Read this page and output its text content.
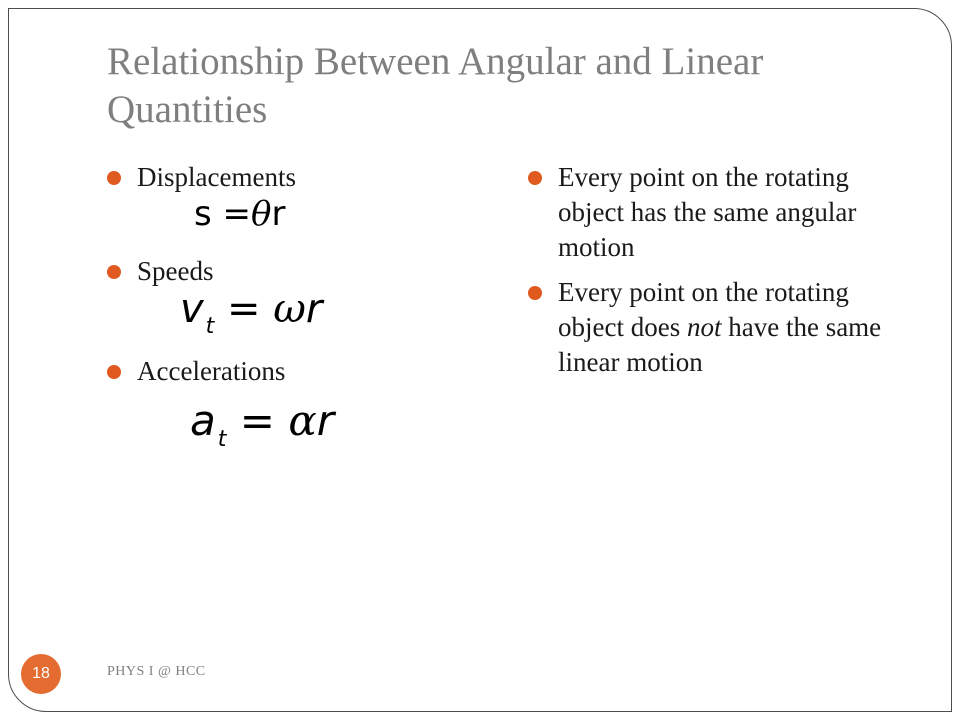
Relationship Between Angular and Linear Quantities
Displacements
s =θr
Speeds
$v_t = \omega r$
Accelerations
$a_t = \alpha r$
Every point on the rotating object has the same angular motion
Every point on the rotating object does not have the same linear motion
18	PHYS I @ HCC
